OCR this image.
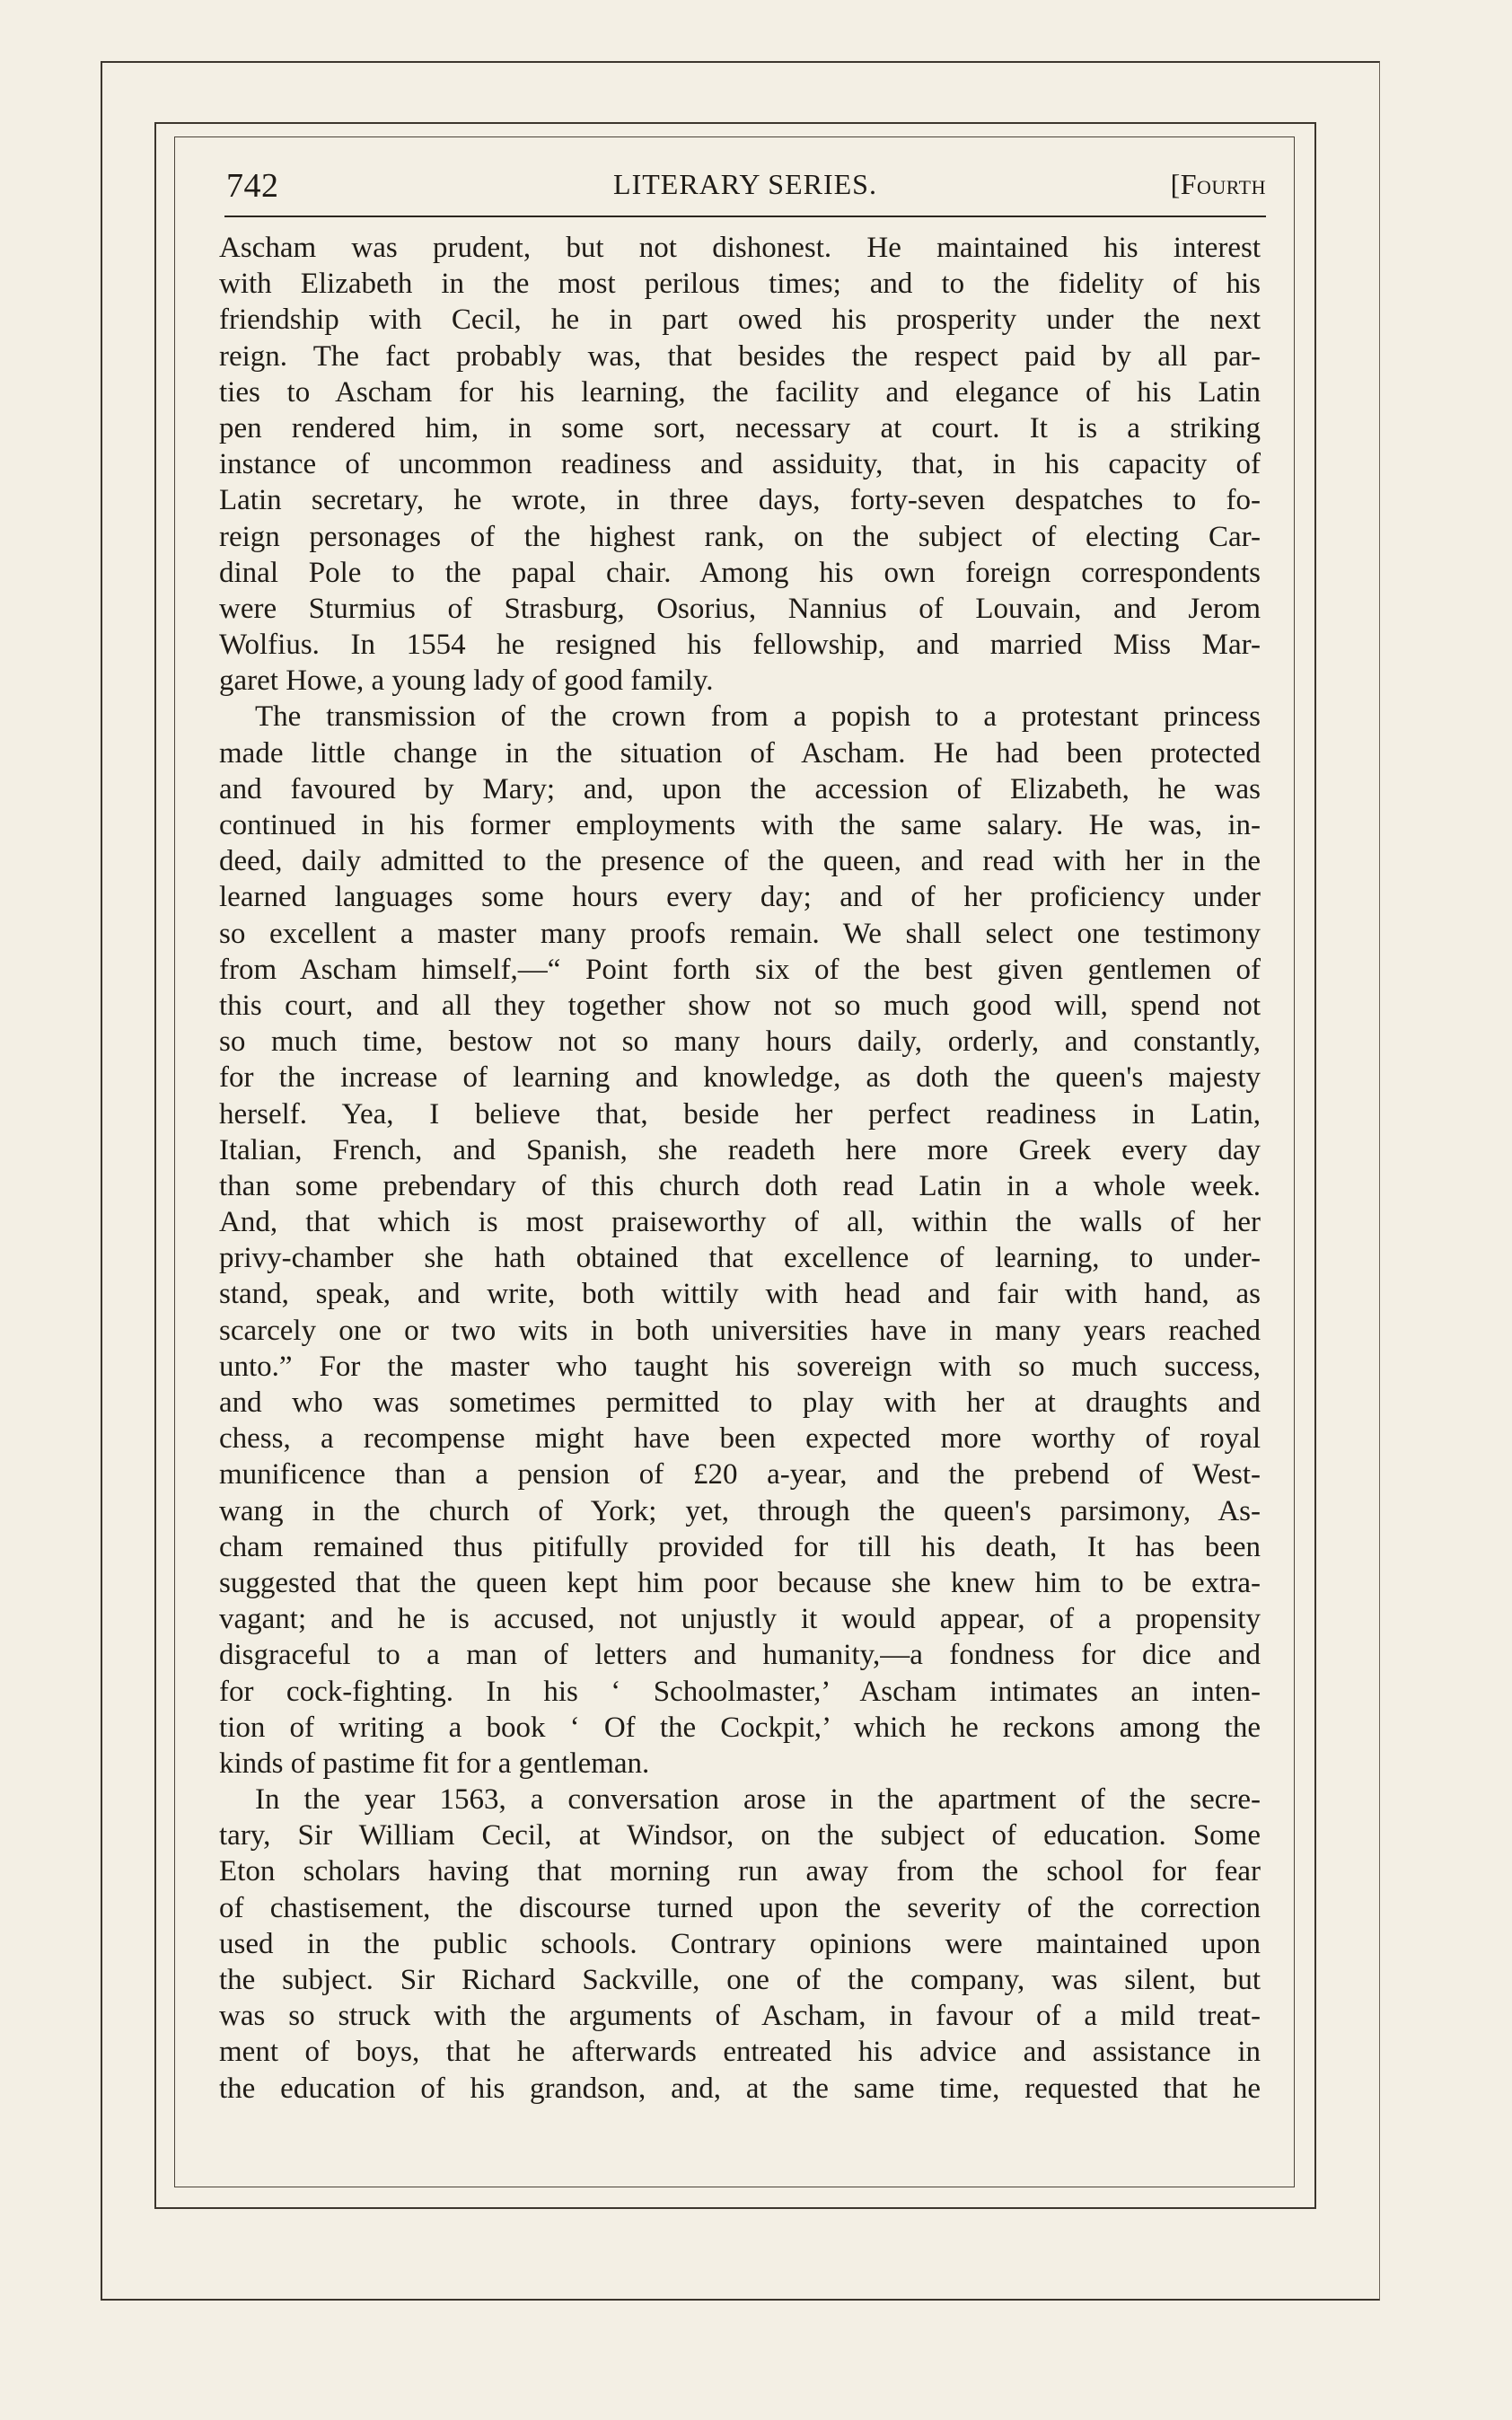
742	LITERARY SERIES.	[Fourth
Ascham was prudent, but not dishonest. He maintained his interest
with Elizabeth in the most perilous times; and to the fidelity of his
friendship with Cecil, he in part owed his prosperity under the next
reign. The fact probably was, that besides the respect paid by all par-
ties to Ascham for his learning, the facility and elegance of his Latin
pen rendered him, in some sort, necessary at court. It is a striking
instance of uncommon readiness and assiduity, that, in his capacity of
Latin secretary, he wrote, in three days, forty-seven despatches to fo-
reign personages of the highest rank, on the subject of electing Car-
dinal Pole to the papal chair. Among his own foreign correspondents
were Sturmius of Strasburg, Osorius, Nannius of Louvain, and Jerom
Wolfius. In 1554 he resigned his fellowship, and married Miss Mar-
garet Howe, a young lady of good family.
The transmission of the crown from a popish to a protestant princess
made little change in the situation of Ascham. He had been protected
and favoured by Mary; and, upon the accession of Elizabeth, he was
continued in his former employments with the same salary. He was, in-
deed, daily admitted to the presence of the queen, and read with her in the
learned languages some hours every day; and of her proficiency under
so excellent a master many proofs remain. We shall select one testimony
from Ascham himself,—“ Point forth six of the best given gentlemen of
this court, and all they together show not so much good will, spend not
so much time, bestow not so many hours daily, orderly, and constantly,
for the increase of learning and knowledge, as doth the queen's majesty
herself. Yea, I believe that, beside her perfect readiness in Latin,
Italian, French, and Spanish, she readeth here more Greek every day
than some prebendary of this church doth read Latin in a whole week.
And, that which is most praiseworthy of all, within the walls of her
privy-chamber she hath obtained that excellence of learning, to under-
stand, speak, and write, both wittily with head and fair with hand, as
scarcely one or two wits in both universities have in many years reached
unto.” For the master who taught his sovereign with so much success,
and who was sometimes permitted to play with her at draughts and
chess, a recompense might have been expected more worthy of royal
munificence than a pension of £20 a-year, and the prebend of West-
wang in the church of York; yet, through the queen's parsimony, As-
cham remained thus pitifully provided for till his death, It has been
suggested that the queen kept him poor because she knew him to be extra-
vagant; and he is accused, not unjustly it would appear, of a propensity
disgraceful to a man of letters and humanity,—a fondness for dice and
for cock-fighting. In his ‘ Schoolmaster,’ Ascham intimates an inten-
tion of writing a book ‘ Of the Cockpit,’ which he reckons among the
kinds of pastime fit for a gentleman.
In the year 1563, a conversation arose in the apartment of the secre-
tary, Sir William Cecil, at Windsor, on the subject of education. Some
Eton scholars having that morning run away from the school for fear
of chastisement, the discourse turned upon the severity of the correction
used in the public schools. Contrary opinions were maintained upon
the subject. Sir Richard Sackville, one of the company, was silent, but
was so struck with the arguments of Ascham, in favour of a mild treat-
ment of boys, that he afterwards entreated his advice and assistance in
the education of his grandson, and, at the same time, requested that he
